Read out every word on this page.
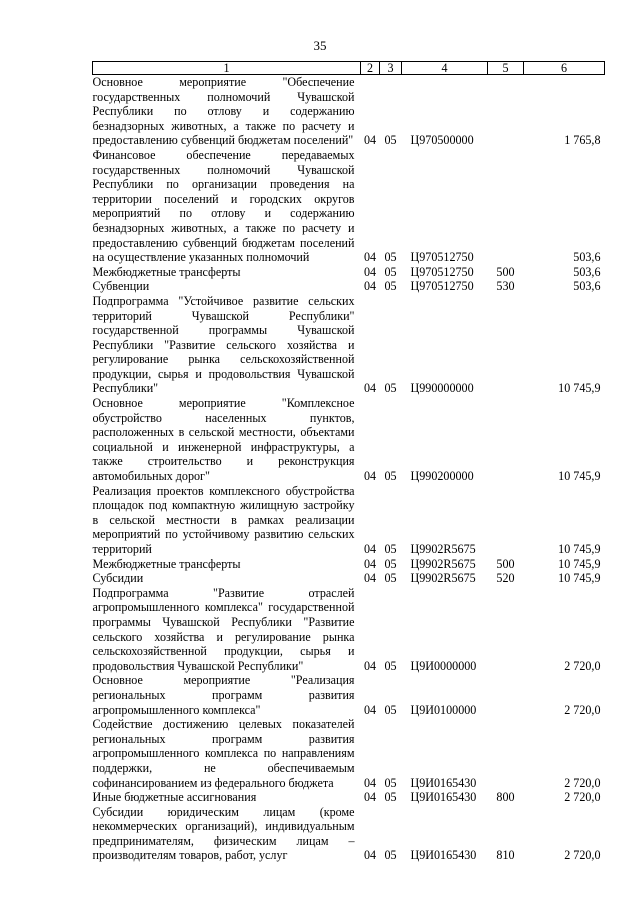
35
1	2	3	4	5	6
Основное мероприятие "Обеспечение государственных полномочий Чувашской Республики по отлову и содержанию безнадзорных животных, а также по расчету и предоставлению субвенций бюджетам поселений"	04	05	Ц970500000		1 765,8
Финансовое обеспечение передаваемых государственных полномочий Чувашской Республики по организации проведения на территории поселений и городских округов мероприятий по отлову и содержанию безнадзорных животных, а также по расчету и предоставлению субвенций бюджетам поселений на осуществление указанных полномочий	04	05	Ц970512750		503,6
Межбюджетные трансферты	04	05	Ц970512750	500	503,6
Субвенции	04	05	Ц970512750	530	503,6
Подпрограмма "Устойчивое развитие сельских территорий Чувашской Республики" государственной программы Чувашской Республики "Развитие сельского хозяйства и регулирование рынка сельскохозяйственной продукции, сырья и продовольствия Чувашской Республики"	04	05	Ц990000000		10 745,9
Основное мероприятие "Комплексное обустройство населенных пунктов, расположенных в сельской местности, объектами социальной и инженерной инфраструктуры, а также строительство и реконструкция автомобильных дорог"	04	05	Ц990200000		10 745,9
Реализация проектов комплексного обустройства площадок под компактную жилищную застройку в сельской местности в рамках реализации мероприятий по устойчивому развитию сельских территорий	04	05	Ц9902R5675		10 745,9
Межбюджетные трансферты	04	05	Ц9902R5675	500	10 745,9
Субсидии	04	05	Ц9902R5675	520	10 745,9
Подпрограмма "Развитие отраслей агропромышленного комплекса" государственной программы Чувашской Республики "Развитие сельского хозяйства и регулирование рынка сельскохозяйственной продукции, сырья и продовольствия Чувашской Республики"	04	05	Ц9И0000000		2 720,0
Основное мероприятие "Реализация региональных программ развития агропромышленного комплекса"	04	05	Ц9И0100000		2 720,0
Содействие достижению целевых показателей региональных программ развития агропромышленного комплекса по направлениям поддержки, не обеспечиваемым софинансированием из федерального бюджета	04	05	Ц9И0165430		2 720,0
Иные бюджетные ассигнования	04	05	Ц9И0165430	800	2 720,0
Субсидии юридическим лицам (кроме некоммерческих организаций), индивидуальным предпринимателям, физическим лицам – производителям товаров, работ, услуг	04	05	Ц9И0165430	810	2 720,0
